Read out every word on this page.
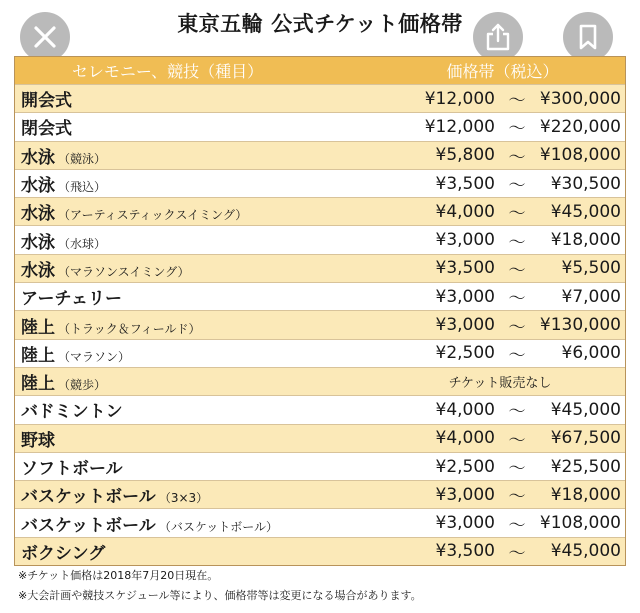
東京五輪 公式チケット価格帯
セレモニー、競技（種目）	価格帯（税込）
開会式	¥12,000 〜 ¥300,000
閉会式	¥12,000 〜 ¥220,000
水泳 （競泳）	¥5,800 〜 ¥108,000
水泳 （飛込）	¥3,500 〜	¥30,500
水泳 （アーティスティックスイミング）	¥4,000 〜	¥45,000
水泳 （水球）	¥3,000 〜	¥18,000
水泳 （マラソンスイミング）	¥3,500 〜	¥5,500
アーチェリー	¥3,000 〜	¥7,000
陸上 （トラック＆フィールド）	¥3,000 〜 ¥130,000
陸上 （マラソン）	¥2,500 〜	¥6,000
陸上 （競歩）	チケット販売なし
バドミントン	¥4,000 〜	¥45,000
野球	¥4,000 〜	¥67,500
ソフトボール	¥2,500 〜	¥25,500
バスケットボール （3×3）	¥3,000 〜	¥18,000
バスケットボール （バスケットボール）	¥3,000 〜 ¥108,000
ボクシング	¥3,500 〜	¥45,000
※チケット価格は2018年7月20日現在。
※大会計画や競技スケジュール等により、価格帯等は変更になる場合があります。
